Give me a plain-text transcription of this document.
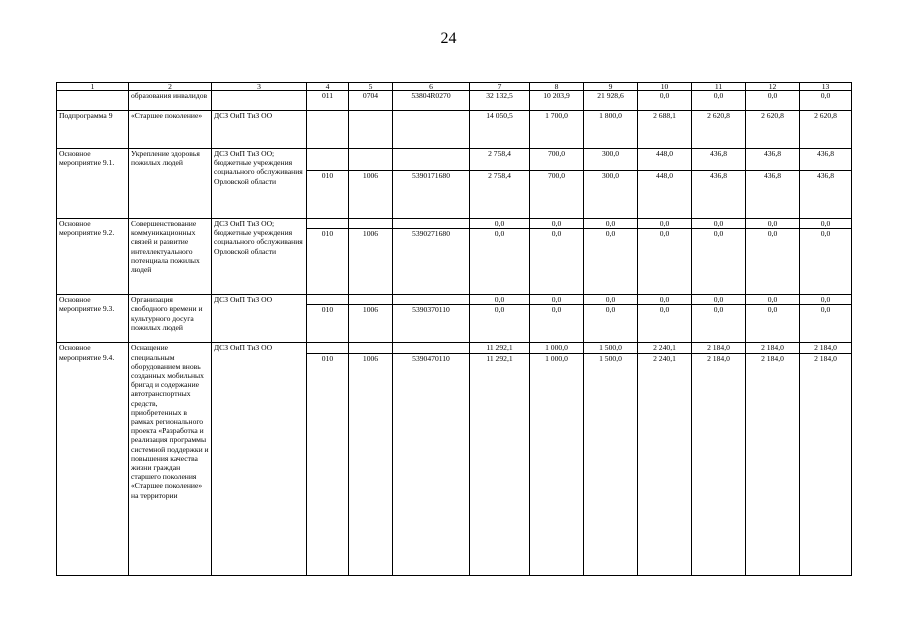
24
1	2	3	4	5	6	7	8	9	10	11	12	13
	образования инвалидов		011	0704	53804R0270	32 132,5	10 203,9	21 928,6	0,0	0,0	0,0	0,0
Подпрограмма 9	«Старшее поколение»	ДСЗ ОиП ТиЗ ОО				14 050,5	1 700,0	1 800,0	2 688,1	2 620,8	2 620,8	2 620,8
Основное мероприятие 9.1.	Укрепление здоровья пожилых людей	ДСЗ ОиП ТиЗ ОО; бюджетные учреждения социального обслуживания Орловской области				2 758,4	700,0	300,0	448,0	436,8	436,8	436,8
			010	1006	5390171680	2 758,4	700,0	300,0	448,0	436,8	436,8	436,8
Основное мероприятие 9.2.	Совершенствование коммуникационных связей и развитие интеллектуального потенциала пожилых людей	ДСЗ ОиП ТиЗ ОО; бюджетные учреждения социального обслуживания Орловской области				0,0	0,0	0,0	0,0	0,0	0,0	0,0
			010	1006	5390271680	0,0	0,0	0,0	0,0	0,0	0,0	0,0
Основное мероприятие 9.3.	Организация свободного времени и культурного досуга пожилых людей	ДСЗ ОиП ТиЗ ОО				0,0	0,0	0,0	0,0	0,0	0,0	0,0
			010	1006	5390370110	0,0	0,0	0,0	0,0	0,0	0,0	0,0
Основное мероприятие 9.4.	Оснащение специальным оборудованием вновь созданных мобильных бригад и содержание автотранспортных средств, приобретенных в рамках регионального проекта «Разработка и реализация программы системной поддержки и повышения качества жизни граждан старшего поколения «Старшее поколение» на территории	ДСЗ ОиП ТиЗ ОО				11 292,1	1 000,0	1 500,0	2 240,1	2 184,0	2 184,0	2 184,0
			010	1006	5390470110	11 292,1	1 000,0	1 500,0	2 240,1	2 184,0	2 184,0	2 184,0
